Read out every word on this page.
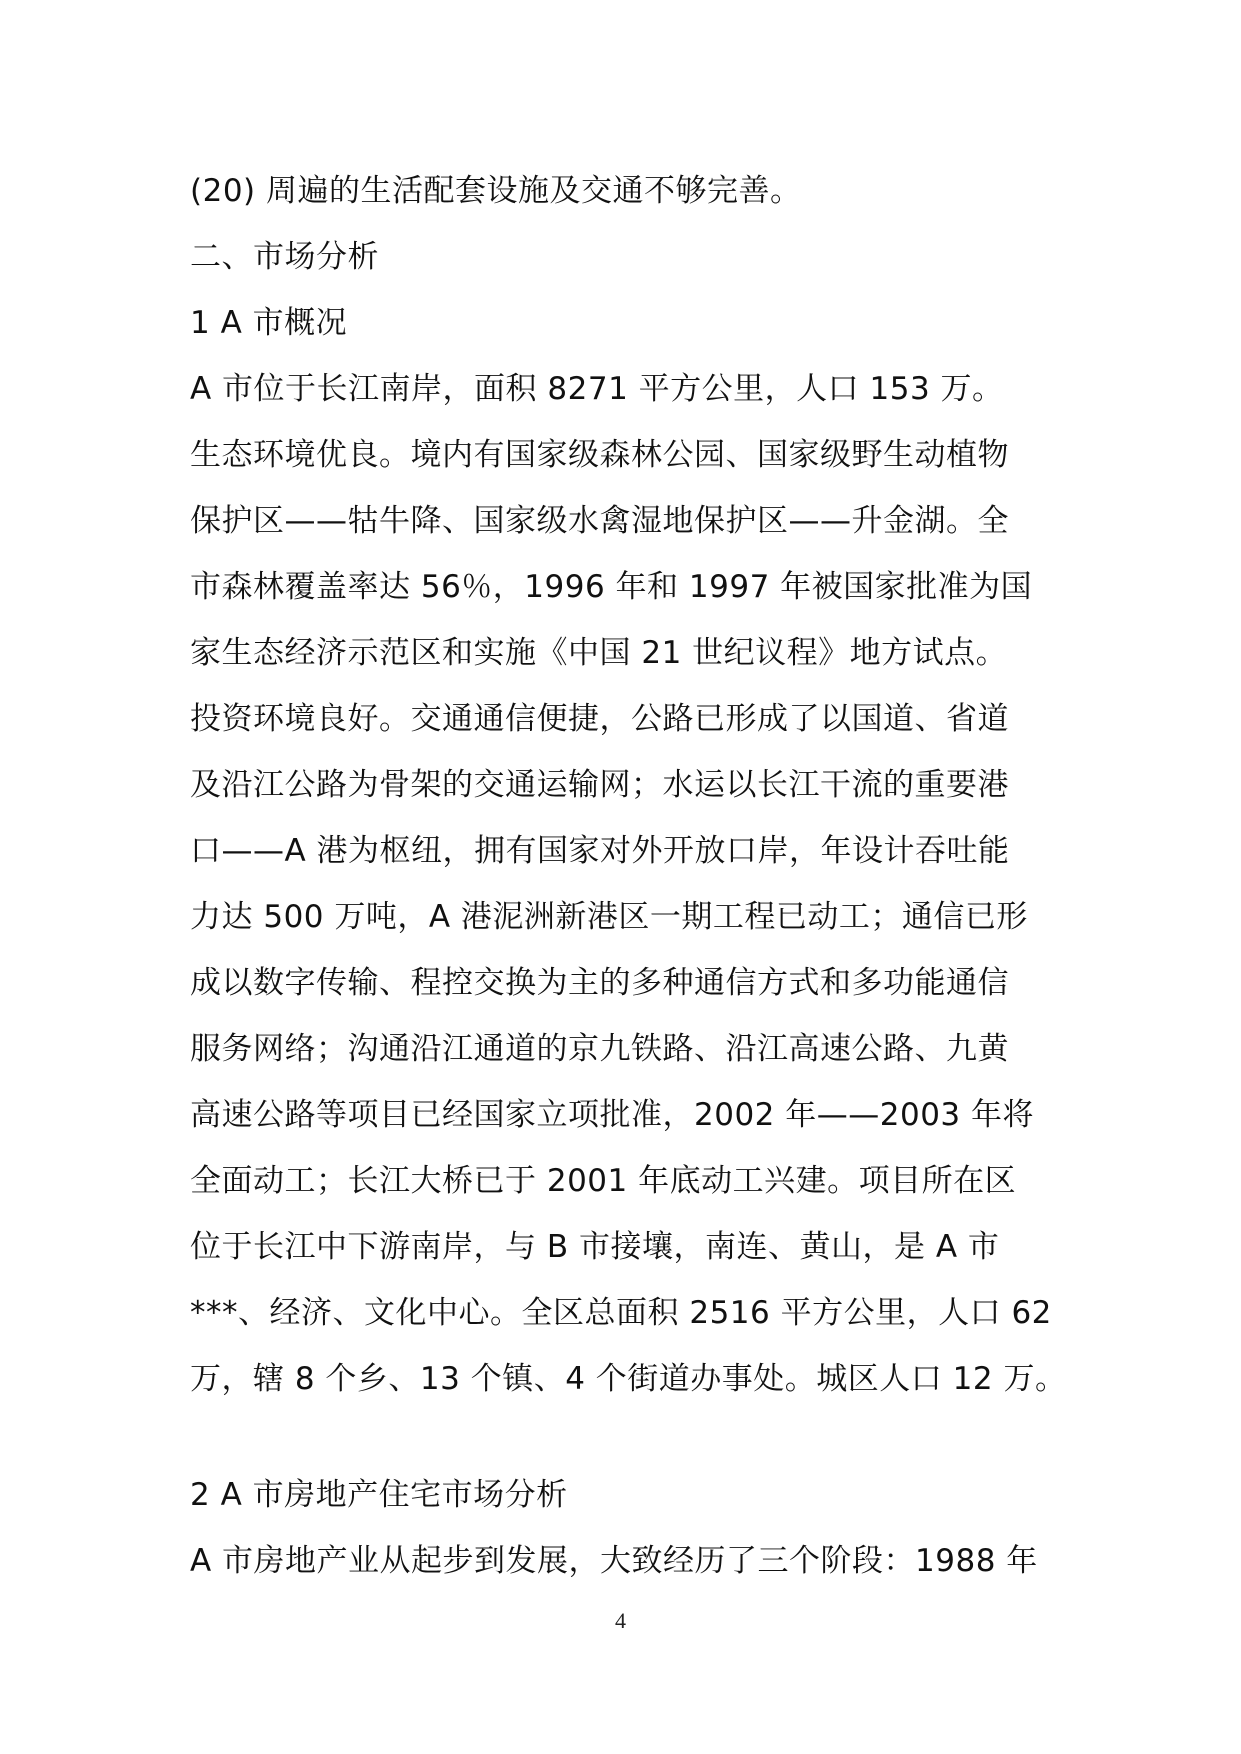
(20) 周遍的生活配套设施及交通不够完善。
二、市场分析
1 A 市概况
A 市位于长江南岸，面积 8271 平方公里，人口 153 万。
生态环境优良。境内有国家级森林公园、国家级野生动植物
保护区——牯牛降、国家级水禽湿地保护区——升金湖。全
市森林覆盖率达 56％，1996 年和 1997 年被国家批准为国
家生态经济示范区和实施《中国 21 世纪议程》地方试点。
投资环境良好。交通通信便捷，公路已形成了以国道、省道
及沿江公路为骨架的交通运输网；水运以长江干流的重要港
口——A 港为枢纽，拥有国家对外开放口岸，年设计吞吐能
力达 500 万吨，A 港泥洲新港区一期工程已动工；通信已形
成以数字传输、程控交换为主的多种通信方式和多功能通信
服务网络；沟通沿江通道的京九铁路、沿江高速公路、九黄
高速公路等项目已经国家立项批准，2002 年——2003 年将
全面动工；长江大桥已于 2001 年底动工兴建。项目所在区
位于长江中下游南岸，与 B 市接壤，南连、黄山，是 A 市
***、经济、文化中心。全区总面积 2516 平方公里，人口 62
万，辖 8 个乡、13 个镇、4 个街道办事处。城区人口 12 万。
2 A 市房地产住宅市场分析
A 市房地产业从起步到发展，大致经历了三个阶段：1988 年
4
